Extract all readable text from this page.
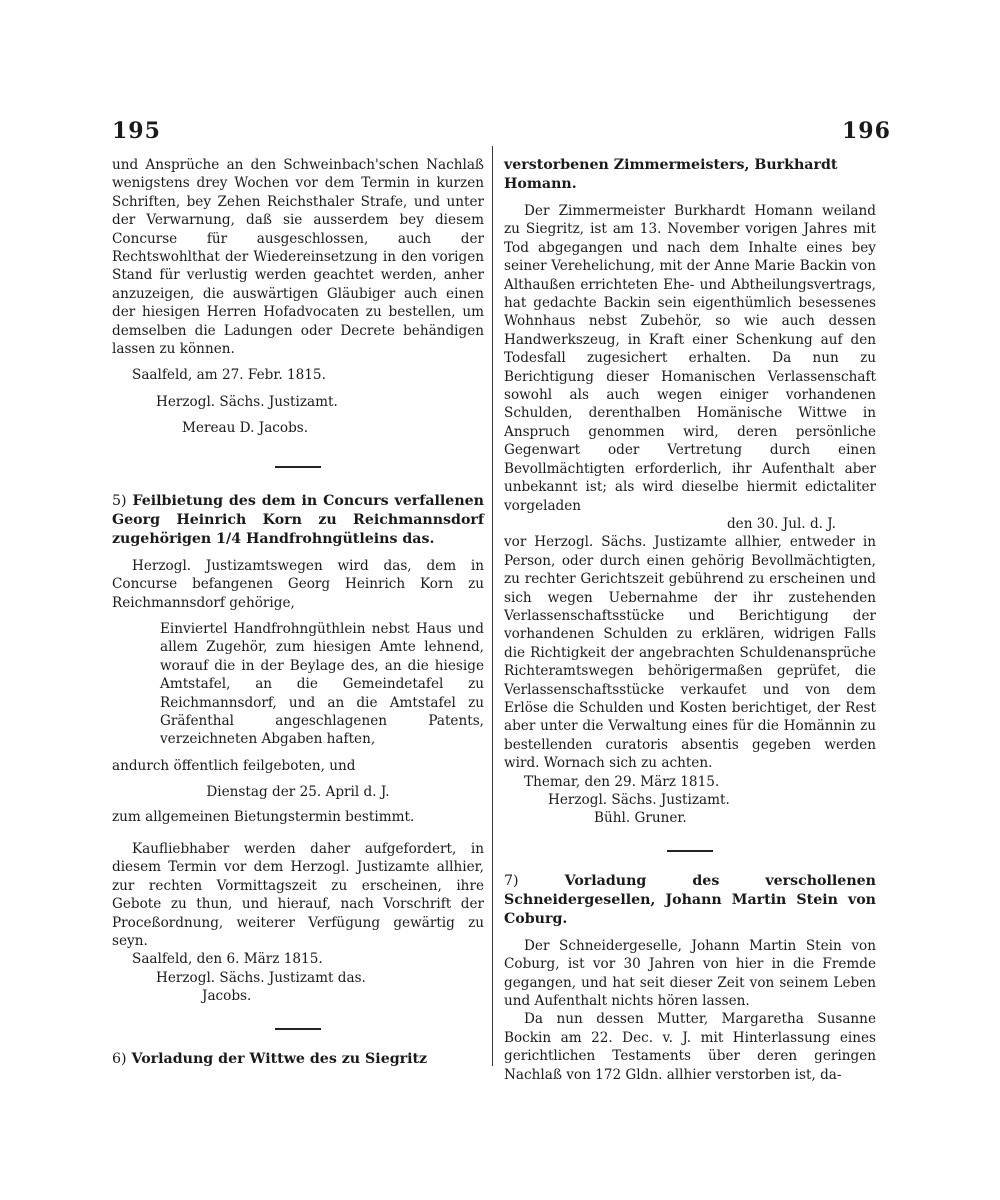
195	196

und Ansprüche an den Schweinbach'schen Nachlaß wenigstens drey Wochen vor dem Termin in kurzen Schriften, bey Zehen Reichsthaler Strafe, und unter der Verwarnung, daß sie ausserdem bey diesem Concurse für ausgeschlossen, auch der Rechtswohlthat der Wiedereinsetzung in den vorigen Stand für verlustig werden geachtet werden, anher anzuzeigen, die auswärtigen Gläubiger auch einen der hiesigen Herren Hofadvocaten zu bestellen, um demselben die Ladungen oder Decrete behändigen lassen zu können.

Saalfeld, am 27. Febr. 1815.

Herzogl. Sächs. Justizamt.

Mereau D. Jacobs.

5) Feilbietung des dem in Concurs verfallenen Georg Heinrich Korn zu Reichmannsdorf zugehörigen 1/4 Handfrohngütleins das.

Herzogl. Justizamtswegen wird das, dem in Concurse befangenen Georg Heinrich Korn zu Reichmannsdorf gehörige,

Einviertel Handfrohngüthlein nebst Haus und allem Zugehör, zum hiesigen Amte lehnend, worauf die in der Beylage des, an die hiesige Amtstafel, an die Gemeindetafel zu Reichmannsdorf, und an die Amtstafel zu Gräfenthal angeschlagenen Patents, verzeichneten Abgaben haften,

andurch öffentlich feilgeboten, und

Dienstag der 25. April d. J.

zum allgemeinen Bietungstermin bestimmt.

Kaufliebhaber werden daher aufgefordert, in diesem Termin vor dem Herzogl. Justizamte allhier, zur rechten Vormittagszeit zu erscheinen, ihre Gebote zu thun, und hierauf, nach Vorschrift der Proceßordnung, weiterer Verfügung gewärtig zu seyn.

Saalfeld, den 6. März 1815.

Herzogl. Sächs. Justizamt das.

Jacobs.

6) Vorladung der Wittwe des zu Siegritz

verstorbenen Zimmermeisters, Burkhardt Homann.

Der Zimmermeister Burkhardt Homann weiland zu Siegritz, ist am 13. November vorigen Jahres mit Tod abgegangen und nach dem Inhalte eines bey seiner Verehelichung, mit der Anne Marie Backin von Althaußen errichteten Ehe- und Abtheilungsvertrags, hat gedachte Backin sein eigenthümlich besessenes Wohnhaus nebst Zubehör, so wie auch dessen Handwerkszeug, in Kraft einer Schenkung auf den Todesfall zugesichert erhalten. Da nun zu Berichtigung dieser Homanischen Verlassenschaft sowohl als auch wegen einiger vorhandenen Schulden, derenthalben Homänische Wittwe in Anspruch genommen wird, deren persönliche Gegenwart oder Vertretung durch einen Bevollmächtigten erforderlich, ihr Aufenthalt aber unbekannt ist; als wird dieselbe hiermit edictaliter vorgeladen

den 30. Jul. d. J.

vor Herzogl. Sächs. Justizamte allhier, entweder in Person, oder durch einen gehörig Bevollmächtigten, zu rechter Gerichtszeit gebührend zu erscheinen und sich wegen Uebernahme der ihr zustehenden Verlassenschaftsstücke und Berichtigung der vorhandenen Schulden zu erklären, widrigen Falls die Richtigkeit der angebrachten Schuldenansprüche Richteramtswegen behörigermaßen geprüfet, die Verlassenschaftsstücke verkaufet und von dem Erlöse die Schulden und Kosten berichtiget, der Rest aber unter die Verwaltung eines für die Homännin zu bestellenden curatoris absentis gegeben werden wird. Wornach sich zu achten.

Themar, den 29. März 1815.

Herzogl. Sächs. Justizamt.

Bühl. Gruner.

7)	Vorladung des verschollenen Schneidergesellen, Johann Martin Stein von Coburg.

Der Schneidergeselle, Johann Martin Stein von Coburg, ist vor 30 Jahren von hier in die Fremde gegangen, und hat seit dieser Zeit von seinem Leben und Aufenthalt nichts hören lassen.

Da nun dessen Mutter, Margaretha Susanne Bockin am 22. Dec. v. J. mit Hinterlassung eines gerichtlichen Testaments über deren geringen Nachlaß von 172 Gldn. allhier verstorben ist, da-
